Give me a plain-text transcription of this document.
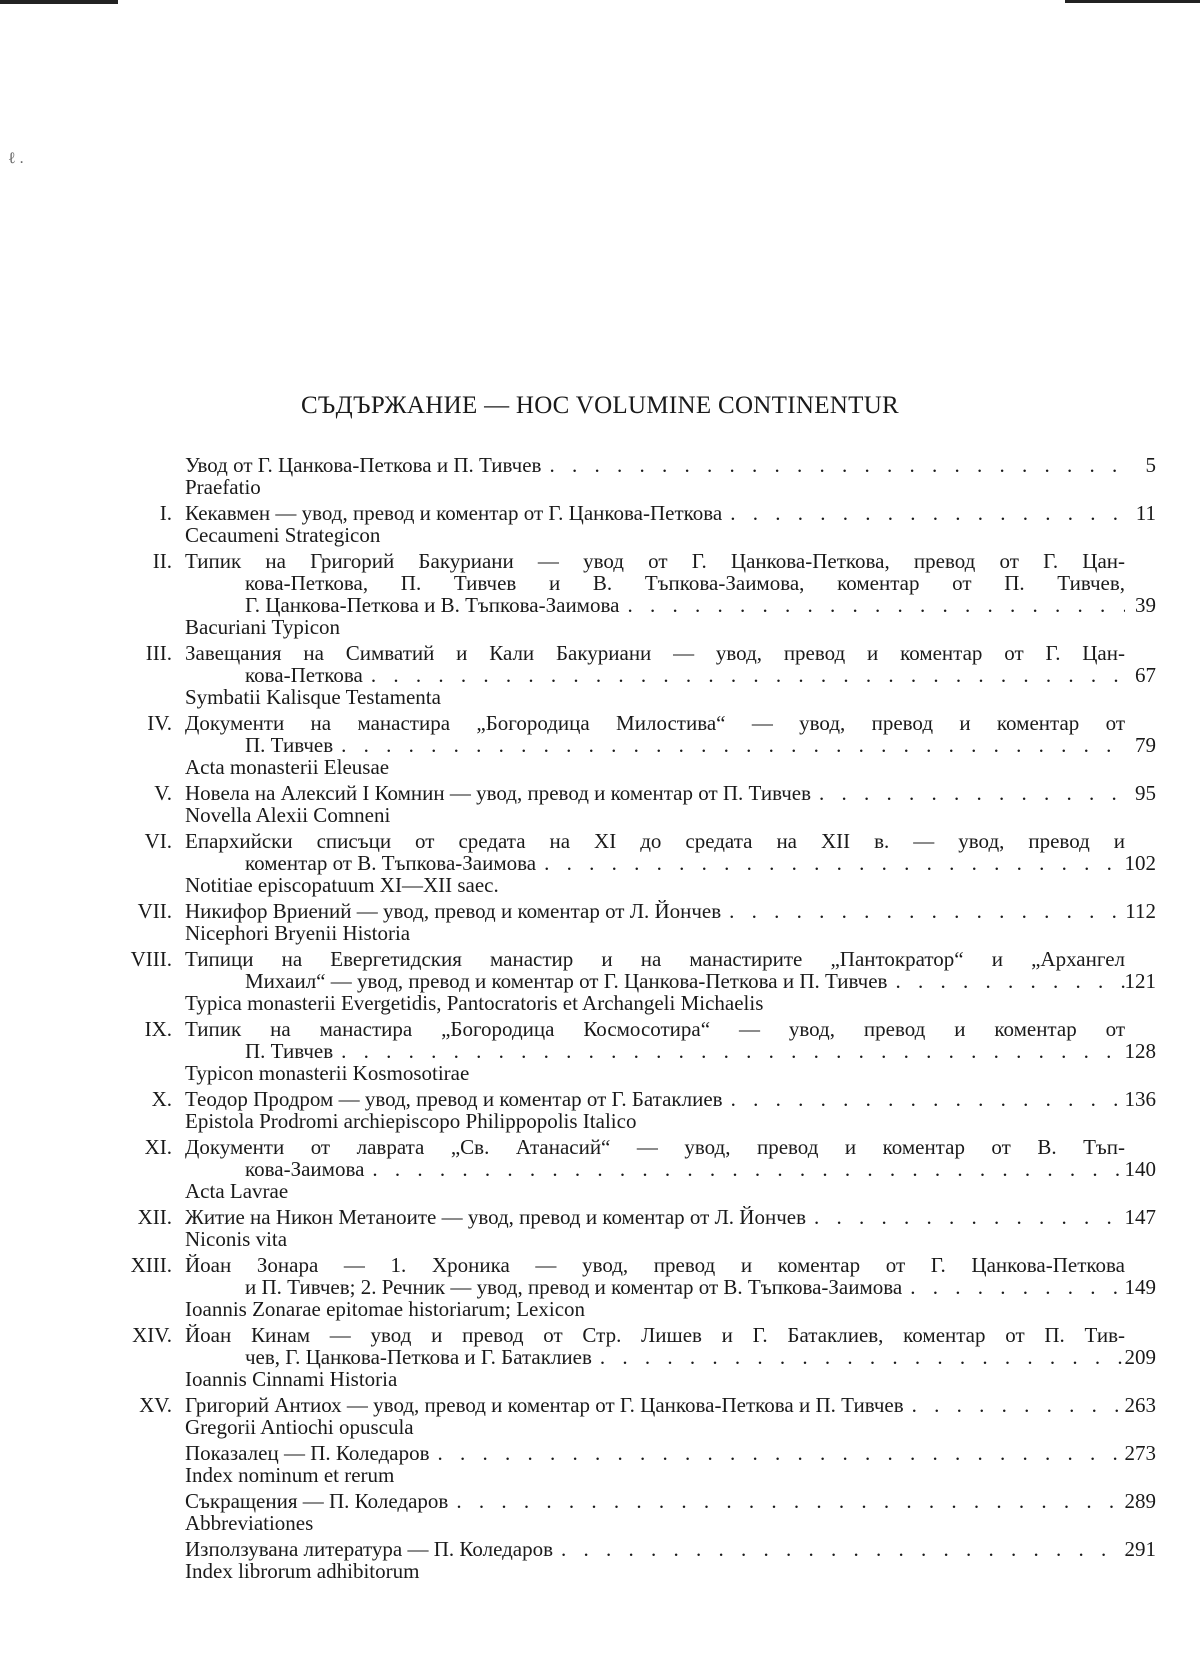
ℓ .
СЪДЪРЖАНИЕ — HOC VOLUMINE CONTINENTUR
Увод от Г. Цанкова-Петкова и П. Тивчев
. . .
Praefatio
5
I. Кекавмен — увод, превод и коментар от Г. Цанкова-Петкова
. . .
Cecaumeni Strategicon
11
II. Типик на Григорий Бакуриани — увод от Г. Цанкова-Петкова, превод от Г. Цан-
кова-Петкова, П. Тивчев и В. Тъпкова-Заимова, коментар от П. Тивчев,
Г. Цанкова-Петкова и В. Тъпкова-Заимова
. . .
Bacuriani Typicon
39
III. Завещания на Симватий и Кали Бакуриани — увод, превод и коментар от Г. Цан-
кова-Петкова
. . .
Symbatii Kalisque Testamenta
67
IV. Документи на манастира „Богородица Милостива“ — увод, превод и коментар от
П. Тивчев
. . .
Acta monasterii Eleusae
79
V. Новела на Алексий I Комнин — увод, превод и коментар от П. Тивчев
. . .
Novella Alexii Comneni
95
VI. Епархийски списъци от средата на XI до средата на XII в. — увод, превод и
коментар от В. Тъпкова-Заимова
. . .
Notitiae episcopatuum XI—XII saec.
102
VII. Никифор Вриений — увод, превод и коментар от Л. Йончев
. . .
Nicephori Bryenii Historia
112
VIII. Типици на Евергетидския манастир и на манастирите „Пантократор“ и „Архангел
Михаил“ — увод, превод и коментар от Г. Цанкова-Петкова и П. Тивчев
. . .
Typica monasterii Evergetidis, Pantocratoris et Archangeli Michaelis
121
IX. Типик на манастира „Богородица Космосотира“ — увод, превод и коментар от
П. Тивчев
. . .
Typicon monasterii Kosmosotirae
128
X. Теодор Продром — увод, превод и коментар от Г. Батаклиев
. . .
Epistola Prodromi archiepiscopo Philippopolis Italico
136
XI. Документи от лаврата „Св. Атанасий“ — увод, превод и коментар от В. Тъп-
кова-Заимова
. . .
Acta Lavrae
140
XII. Житие на Никон Метаноите — увод, превод и коментар от Л. Йончев
. . .
Niconis vita
147
XIII. Йоан Зонара — 1. Хроника — увод, превод и коментар от Г. Цанкова-Петкова
и П. Тивчев; 2. Речник — увод, превод и коментар от В. Тъпкова-Заимова
. . .
Ioannis Zonarae epitomae historiarum; Lexicon
149
XIV. Йоан Кинам — увод и превод от Стр. Лишев и Г. Батаклиев, коментар от П. Тив-
чев, Г. Цанкова-Петкова и Г. Батаклиев
. . .
Ioannis Cinnami Historia
209
XV. Григорий Антиох — увод, превод и коментар от Г. Цанкова-Петкова и П. Тивчев
. . .
Gregorii Antiochi opuscula
263
Показалец — П. Коледаров
. . .
Index nominum et rerum
273
Съкращения — П. Коледаров
. . .
Abbreviationes
289
Използувана литература — П. Коледаров
. . .
Index librorum adhibitorum
291
